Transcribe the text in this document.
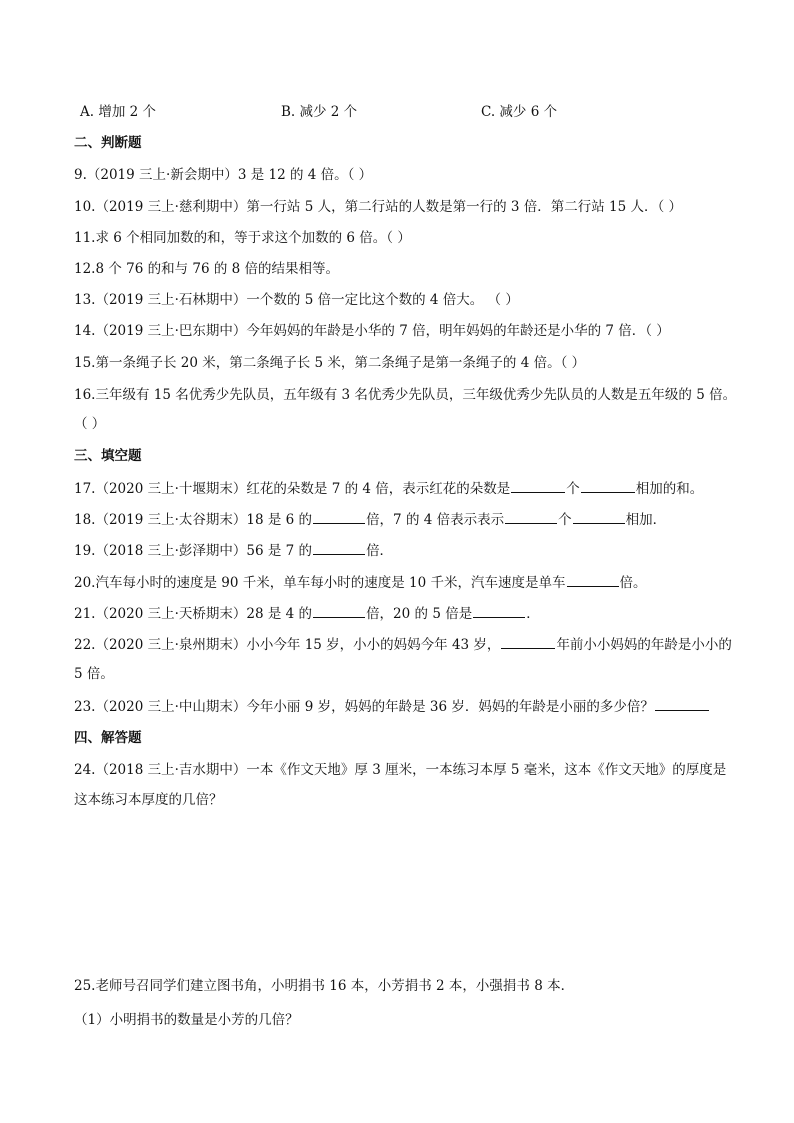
A. 增加 2 个	B. 减少 2 个	C. 减少 6 个
二、判断题
9.（2019 三上·新会期中）3 是 12 的 4 倍。（ ）
10.（2019 三上·慈利期中）第一行站 5 人，第二行站的人数是第一行的 3 倍．第二行站 15 人．（ ）
11.求 6 个相同加数的和，等于求这个加数的 6 倍。（ ）
12.8 个 76 的和与 76 的 8 倍的结果相等。
13.（2019 三上·石林期中）一个数的 5 倍一定比这个数的 4 倍大。 （ ）
14.（2019 三上·巴东期中）今年妈妈的年龄是小华的 7 倍，明年妈妈的年龄还是小华的 7 倍．（ ）
15.第一条绳子长 20 米，第二条绳子长 5 米，第二条绳子是第一条绳子的 4 倍。（ ）
16.三年级有 15 名优秀少先队员，五年级有 3 名优秀少先队员，三年级优秀少先队员的人数是五年级的 5 倍。
（ ）
三、填空题
17.（2020 三上·十堰期末）红花的朵数是 7 的 4 倍，表示红花的朵数是	个	相加的和。
18.（2019 三上·太谷期末）18 是 6 的	倍，7 的 4 倍表示表示	个	相加．
19.（2018 三上·彭泽期中）56 是 7 的	倍．
20.汽车每小时的速度是 90 千米，单车每小时的速度是 10 千米，汽车速度是单车	倍。
21.（2020 三上·天桥期末）28 是 4 的	倍，20 的 5 倍是	．
22.（2020 三上·泉州期末）小小今年 15 岁，小小的妈妈今年 43 岁，	年前小小妈妈的年龄是小小的
5 倍。
23.（2020 三上·中山期末）今年小丽 9 岁，妈妈的年龄是 36 岁．妈妈的年龄是小丽的多少倍？
四、解答题
24.（2018 三上·吉水期中）一本《作文天地》厚 3 厘米，一本练习本厚 5 毫米，这本《作文天地》的厚度是
这本练习本厚度的几倍？
25.老师号召同学们建立图书角，小明捐书 16 本，小芳捐书 2 本，小强捐书 8 本．
（1）小明捐书的数量是小芳的几倍？
